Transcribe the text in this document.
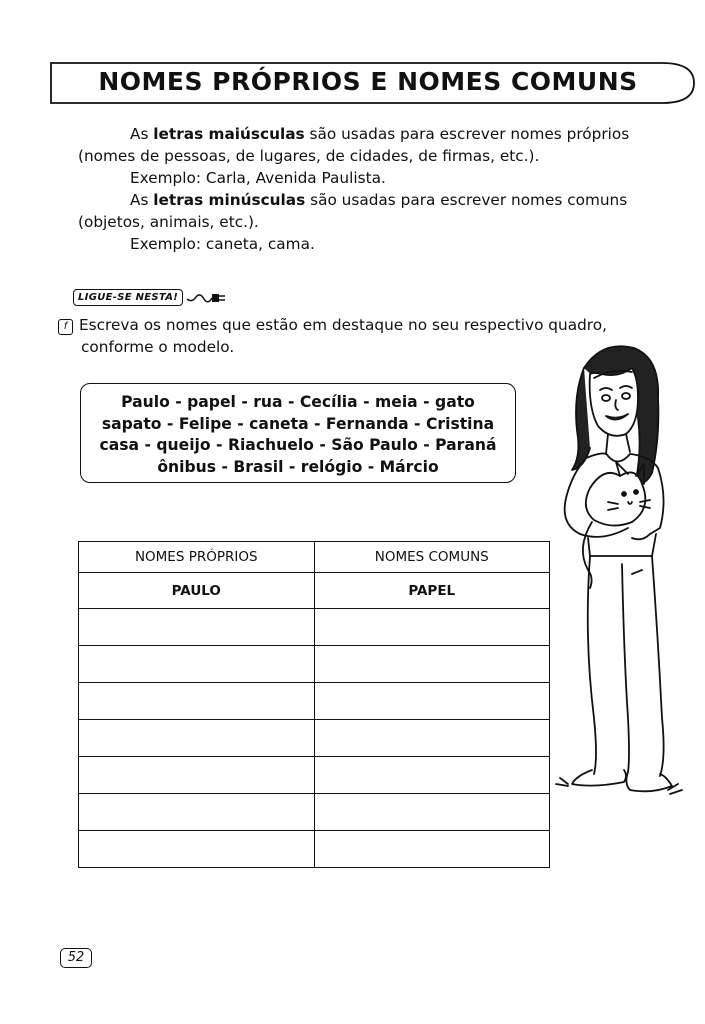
NOMES PRÓPRIOS E NOMES COMUNS

As letras maiúsculas são usadas para escrever nomes próprios (nomes de pessoas, de lugares, de cidades, de firmas, etc.).

Exemplo: Carla, Avenida Paulista.

As letras minúsculas são usadas para escrever nomes comuns (objetos, animais, etc.).

Exemplo: caneta, cama.

LIGUE-SE NESTA!
f Escreva os nomes que estão em destaque no seu respectivo quadro,
conforme o modelo.
Paulo - papel - rua - Cecília - meia - gato
sapato - Felipe - caneta - Fernanda - Cristina
casa - queijo - Riachuelo - São Paulo - Paraná
ônibus - Brasil - relógio - Márcio
NOMES PRÓPRIOS	NOMES COMUNS
PAULO	PAPEL

52
